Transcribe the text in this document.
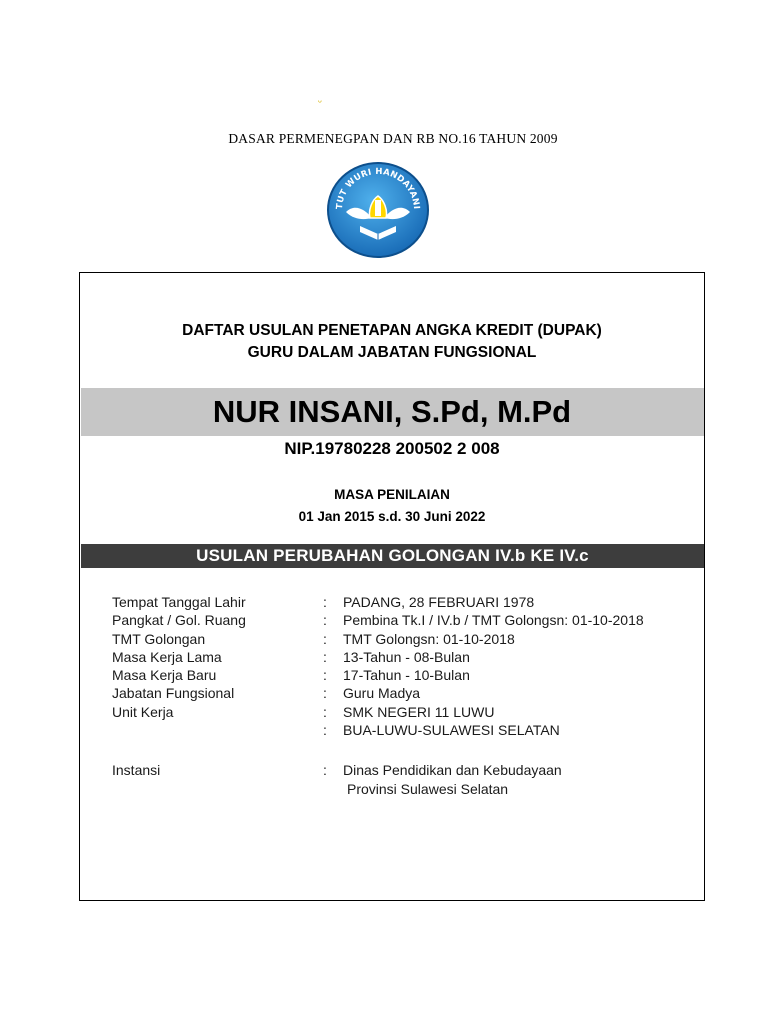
ᵕ
DASAR PERMENEGPAN DAN RB NO.16 TAHUN 2009
TUT WURI HANDAYANI
DAFTAR USULAN PENETAPAN ANGKA KREDIT (DUPAK)
GURU DALAM JABATAN FUNGSIONAL
NUR INSANI, S.Pd, M.Pd
NIP.19780228 200502 2 008
MASA PENILAIAN
01 Jan 2015 s.d. 30 Juni 2022
USULAN PERUBAHAN GOLONGAN IV.b KE IV.c
Tempat Tanggal Lahir	: PADANG, 28 FEBRUARI 1978
Pangkat / Gol. Ruang	: Pembina Tk.I / IV.b / TMT Golongsn: 01-10-2018
TMT Golongan	: TMT Golongsn: 01-10-2018
Masa Kerja Lama	: 13-Tahun - 08-Bulan
Masa Kerja Baru	: 17-Tahun - 10-Bulan
Jabatan Fungsional	: Guru Madya
Unit Kerja	: SMK NEGERI 11 LUWU
: BUA-LUWU-SULAWESI SELATAN
Instansi	: Dinas Pendidikan dan Kebudayaan
Provinsi Sulawesi Selatan
